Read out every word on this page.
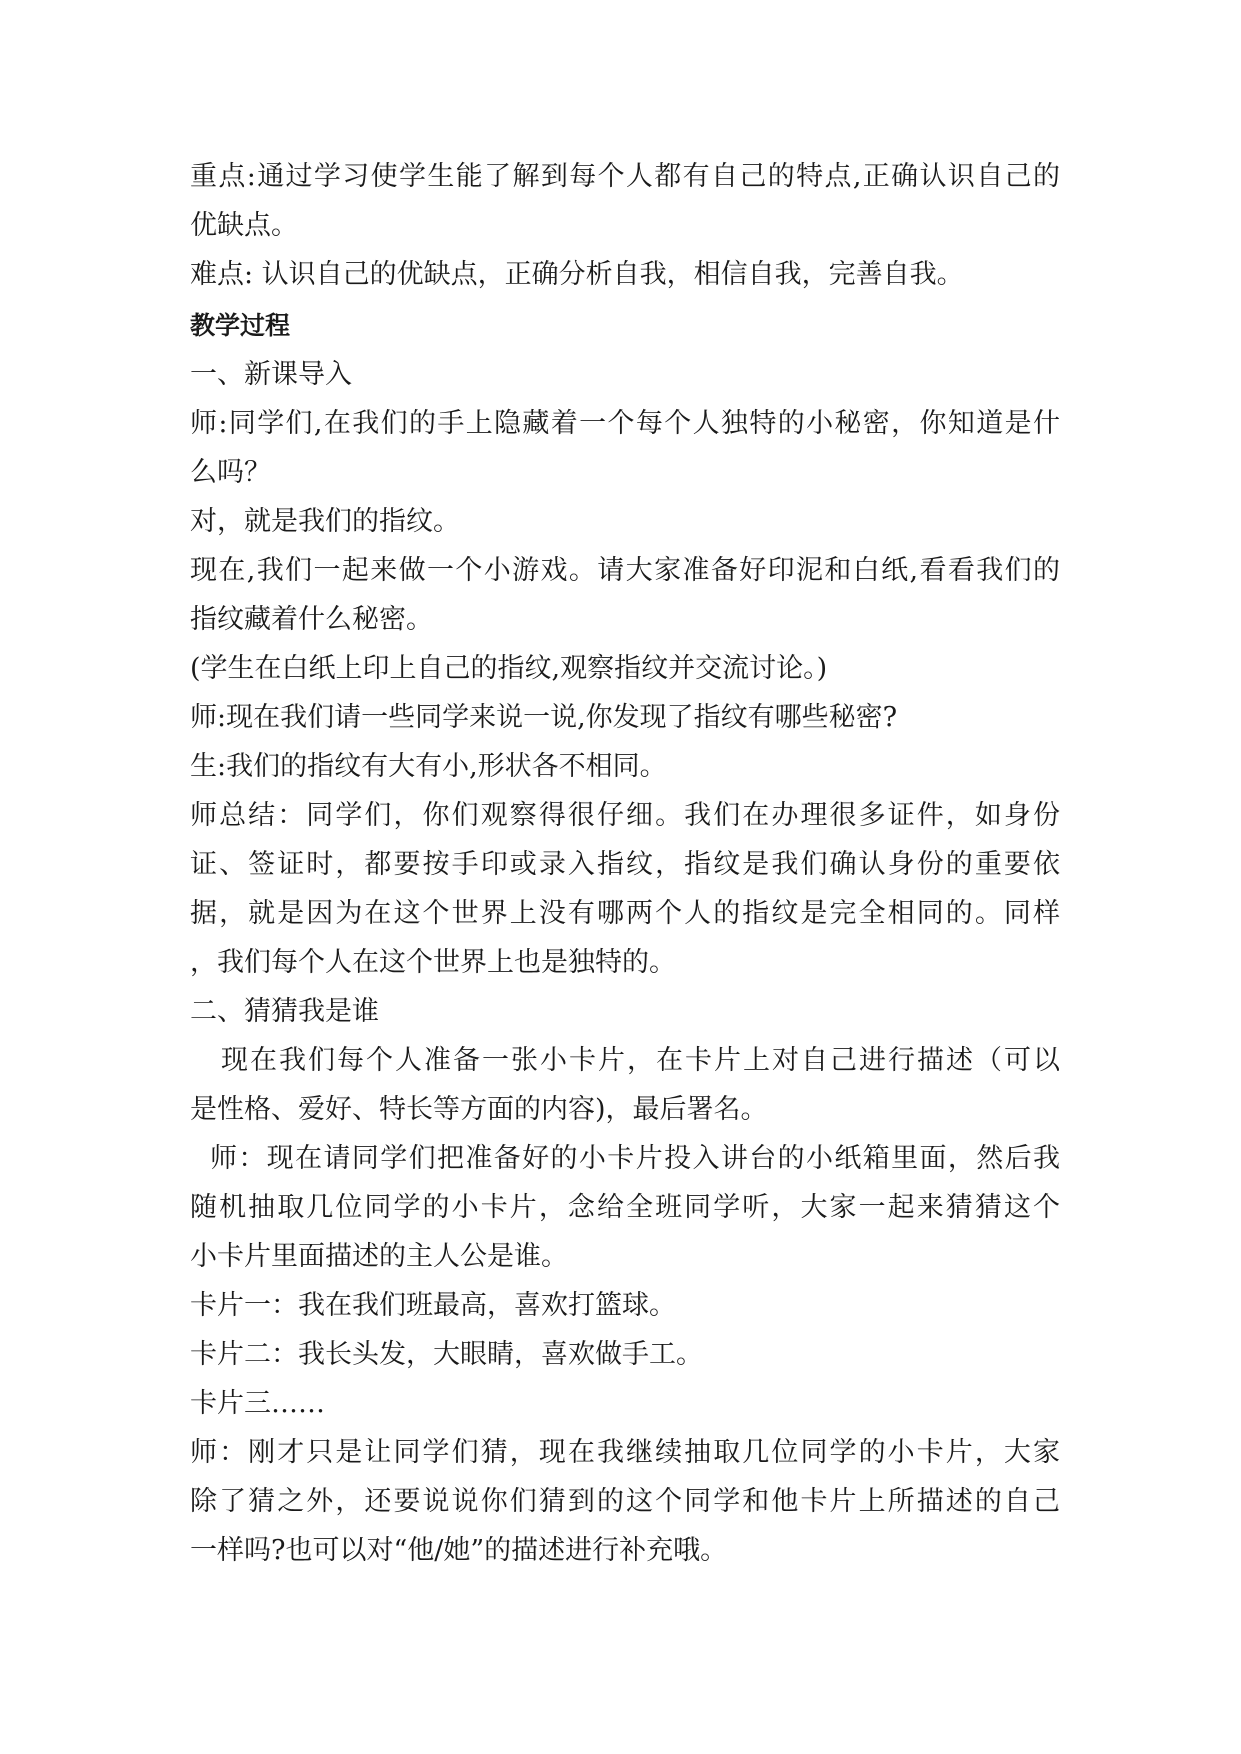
重点:通过学习使学生能了解到每个人都有自己的特点,正确认识自己的

优缺点。

难点: 认识自己的优缺点，正确分析自我，相信自我，完善自我。

教学过程

一、新课导入

师:同学们,在我们的手上隐藏着一个每个人独特的小秘密，你知道是什

么吗？

对，就是我们的指纹。

现在,我们一起来做一个小游戏。请大家准备好印泥和白纸,看看我们的

指纹藏着什么秘密。

(学生在白纸上印上自己的指纹,观察指纹并交流讨论。)

师:现在我们请一些同学来说一说,你发现了指纹有哪些秘密?

生:我们的指纹有大有小,形状各不相同。

师总结：同学们，你们观察得很仔细。我们在办理很多证件，如身份

证、签证时，都要按手印或录入指纹，指纹是我们确认身份的重要依

据，就是因为在这个世界上没有哪两个人的指纹是完全相同的。同样

，我们每个人在这个世界上也是独特的。

二、猜猜我是谁

现在我们每个人准备一张小卡片，在卡片上对自己进行描述（可以

是性格、爱好、特长等方面的内容)，最后署名。

师：现在请同学们把准备好的小卡片投入讲台的小纸箱里面，然后我

随机抽取几位同学的小卡片，念给全班同学听，大家一起来猜猜这个

小卡片里面描述的主人公是谁。

卡片一：我在我们班最高，喜欢打篮球。

卡片二：我长头发，大眼睛，喜欢做手工。

卡片三……

师：刚才只是让同学们猜，现在我继续抽取几位同学的小卡片，大家

除了猜之外，还要说说你们猜到的这个同学和他卡片上所描述的自己

一样吗?也可以对“他/她”的描述进行补充哦。
